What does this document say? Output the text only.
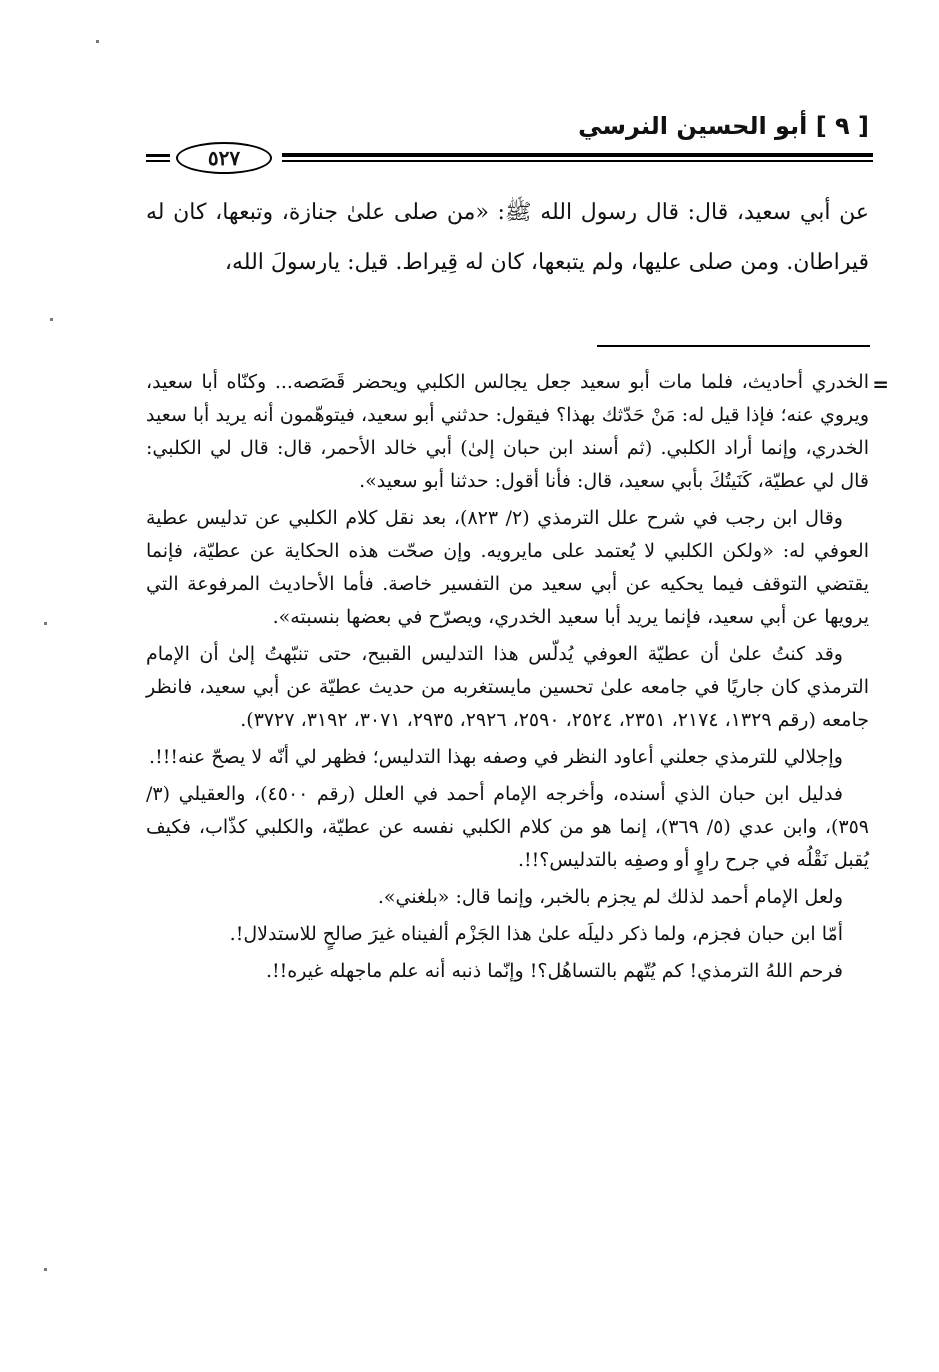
[ ٩ ] أبو الحسين النرسي
٥٢٧

عن أبي سعيد، قال: قال رسول الله ﷺ: «من صلى علىٰ جنازة، وتبعها، كان له قيراطان. ومن صلى عليها، ولم يتبعها، كان له قِيراط. قيل: يارسولَ الله،

=

الخدري أحاديث، فلما مات أبو سعيد جعل يجالس الكلبي ويحضر قَصَصه... وكنّاه أبا سعيد، ويروي عنه؛ فإذا قيل له: مَنْ حَدّثك بهذا؟ فيقول: حدثني أبو سعيد، فيتوهّمون أنه يريد أبا سعيد الخدري، وإنما أراد الكلبي. (ثم أسند ابن حبان إلىٰ) أبي خالد الأحمر، قال: قال لي الكلبي: قال لي عطيّة، كَنَيتُكَ بأبي سعيد، قال: فأنا أقول: حدثنا أبو سعيد».

وقال ابن رجب في شرح علل الترمذي (٢/ ٨٢٣)، بعد نقل كلام الكلبي عن تدليس عطية العوفي له: «ولكن الكلبي لا يُعتمد على مايرويه. وإن صحّت هذه الحكاية عن عطيّة، فإنما يقتضي التوقف فيما يحكيه عن أبي سعيد من التفسير خاصة. فأما الأحاديث المرفوعة التي يرويها عن أبي سعيد، فإنما يريد أبا سعيد الخدري، ويصرّح في بعضها بنسبته».

وقد كنتُ علىٰ أن عطيّة العوفي يُدلّس هذا التدليس القبيح، حتى تنبّهتُ إلىٰ أن الإمام الترمذي كان جاريًا في جامعه علىٰ تحسين مايستغربه من حديث عطيّة عن أبي سعيد، فانظر جامعه (رقم ١٣٢٩، ٢١٧٤، ٢٣٥١، ٢٥٢٤، ٢٥٩٠، ٢٩٢٦، ٢٩٣٥، ٣٠٧١، ٣١٩٢، ٣٧٢٧).

وإجلالي للترمذي جعلني أعاود النظر في وصفه بهذا التدليس؛ فظهر لي أنّه لا يصحّ عنه!!!.

فدليل ابن حبان الذي أسنده، وأخرجه الإمام أحمد في العلل (رقم ٤٥٠٠)، والعقيلي (٣/ ٣٥٩)، وابن عدي (٥/ ٣٦٩)، إنما هو من كلام الكلبي نفسه عن عطيّة، والكلبي كذّاب، فكيف يُقبل نَقْلُه في جرح راوٍ أو وصفِه بالتدليس؟!!.

ولعل الإمام أحمد لذلك لم يجزم بالخبر، وإنما قال: «بلغني».

أمّا ابن حبان فجزم، ولما ذكر دليلَه علىٰ هذا الجَزْم ألفيناه غيرَ صالحٍ للاستدلال!.

فرحم اللهُ الترمذي! كم يُتّهم بالتساهُل؟! وإنّما ذنبه أنه علم ماجهله غيره!!.
